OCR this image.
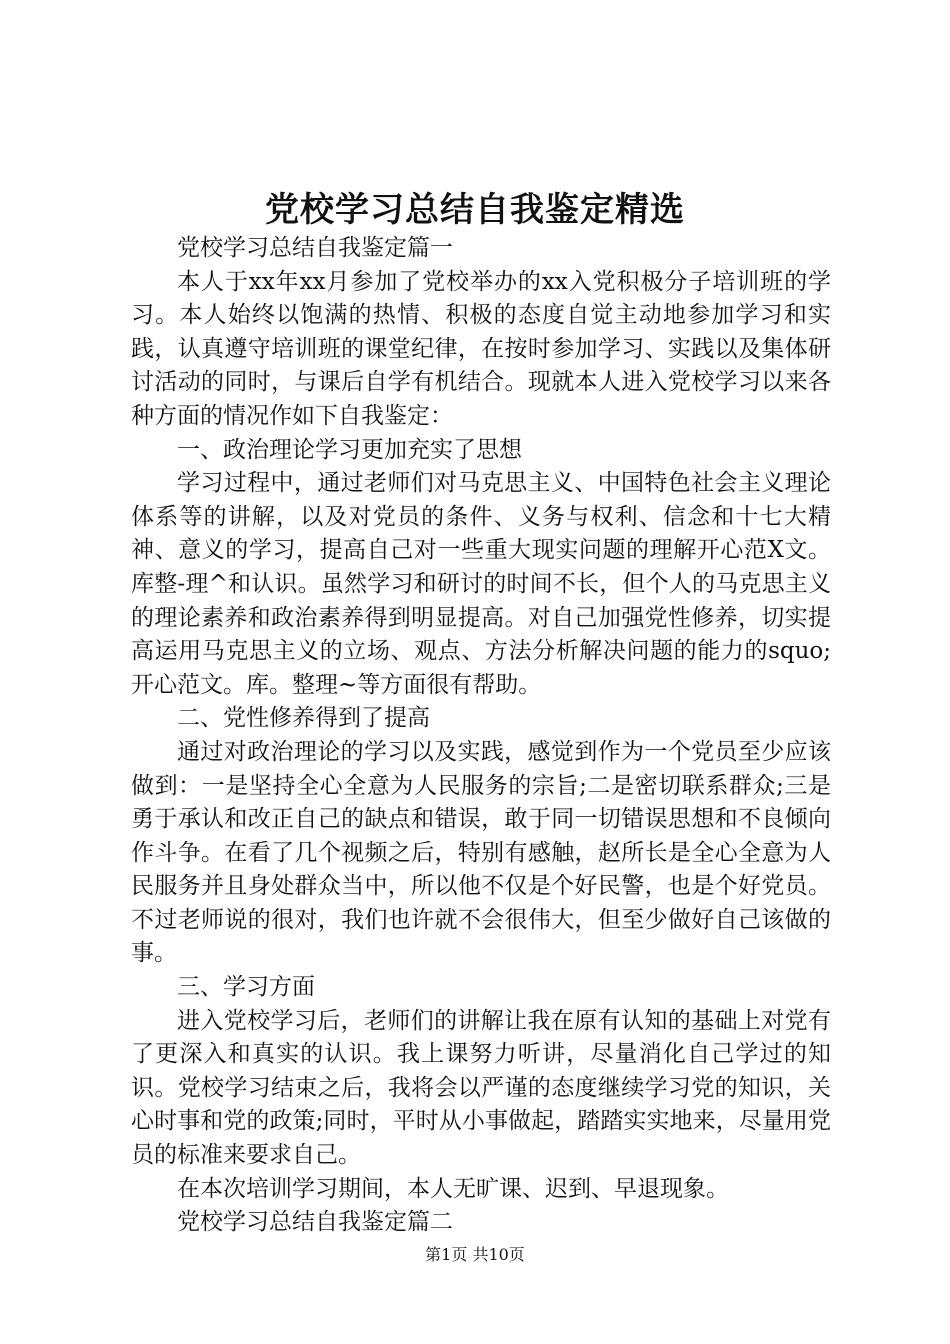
党校学习总结自我鉴定精选

党校学习总结自我鉴定篇一

本人于xx年xx月参加了党校举办的xx入党积极分子培训班的学习。本人始终以饱满的热情、积极的态度自觉主动地参加学习和实践，认真遵守培训班的课堂纪律，在按时参加学习、实践以及集体研讨活动的同时，与课后自学有机结合。现就本人进入党校学习以来各种方面的情况作如下自我鉴定：

一、政治理论学习更加充实了思想

学习过程中，通过老师们对马克思主义、中国特色社会主义理论体系等的讲解，以及对党员的条件、义务与权利、信念和十七大精神、意义的学习，提高自己对一些重大现实问题的理解开心范X文。库整-理^和认识。虽然学习和研讨的时间不长，但个人的马克思主义的理论素养和政治素养得到明显提高。对自己加强党性修养，切实提高运用马克思主义的立场、观点、方法分析解决问题的能力的squo;开心范文。库。整理~等方面很有帮助。

二、党性修养得到了提高

通过对政治理论的学习以及实践，感觉到作为一个党员至少应该做到：一是坚持全心全意为人民服务的宗旨;二是密切联系群众;三是勇于承认和改正自己的缺点和错误，敢于同一切错误思想和不良倾向作斗争。在看了几个视频之后，特别有感触，赵所长是全心全意为人民服务并且身处群众当中，所以他不仅是个好民警，也是个好党员。不过老师说的很对，我们也许就不会很伟大，但至少做好自己该做的事。

三、学习方面

进入党校学习后，老师们的讲解让我在原有认知的基础上对党有了更深入和真实的认识。我上课努力听讲，尽量消化自己学过的知识。党校学习结束之后，我将会以严谨的态度继续学习党的知识，关心时事和党的政策;同时，平时从小事做起，踏踏实实地来，尽量用党员的标准来要求自己。

在本次培训学习期间，本人无旷课、迟到、早退现象。

党校学习总结自我鉴定篇二

第1页 共10页
